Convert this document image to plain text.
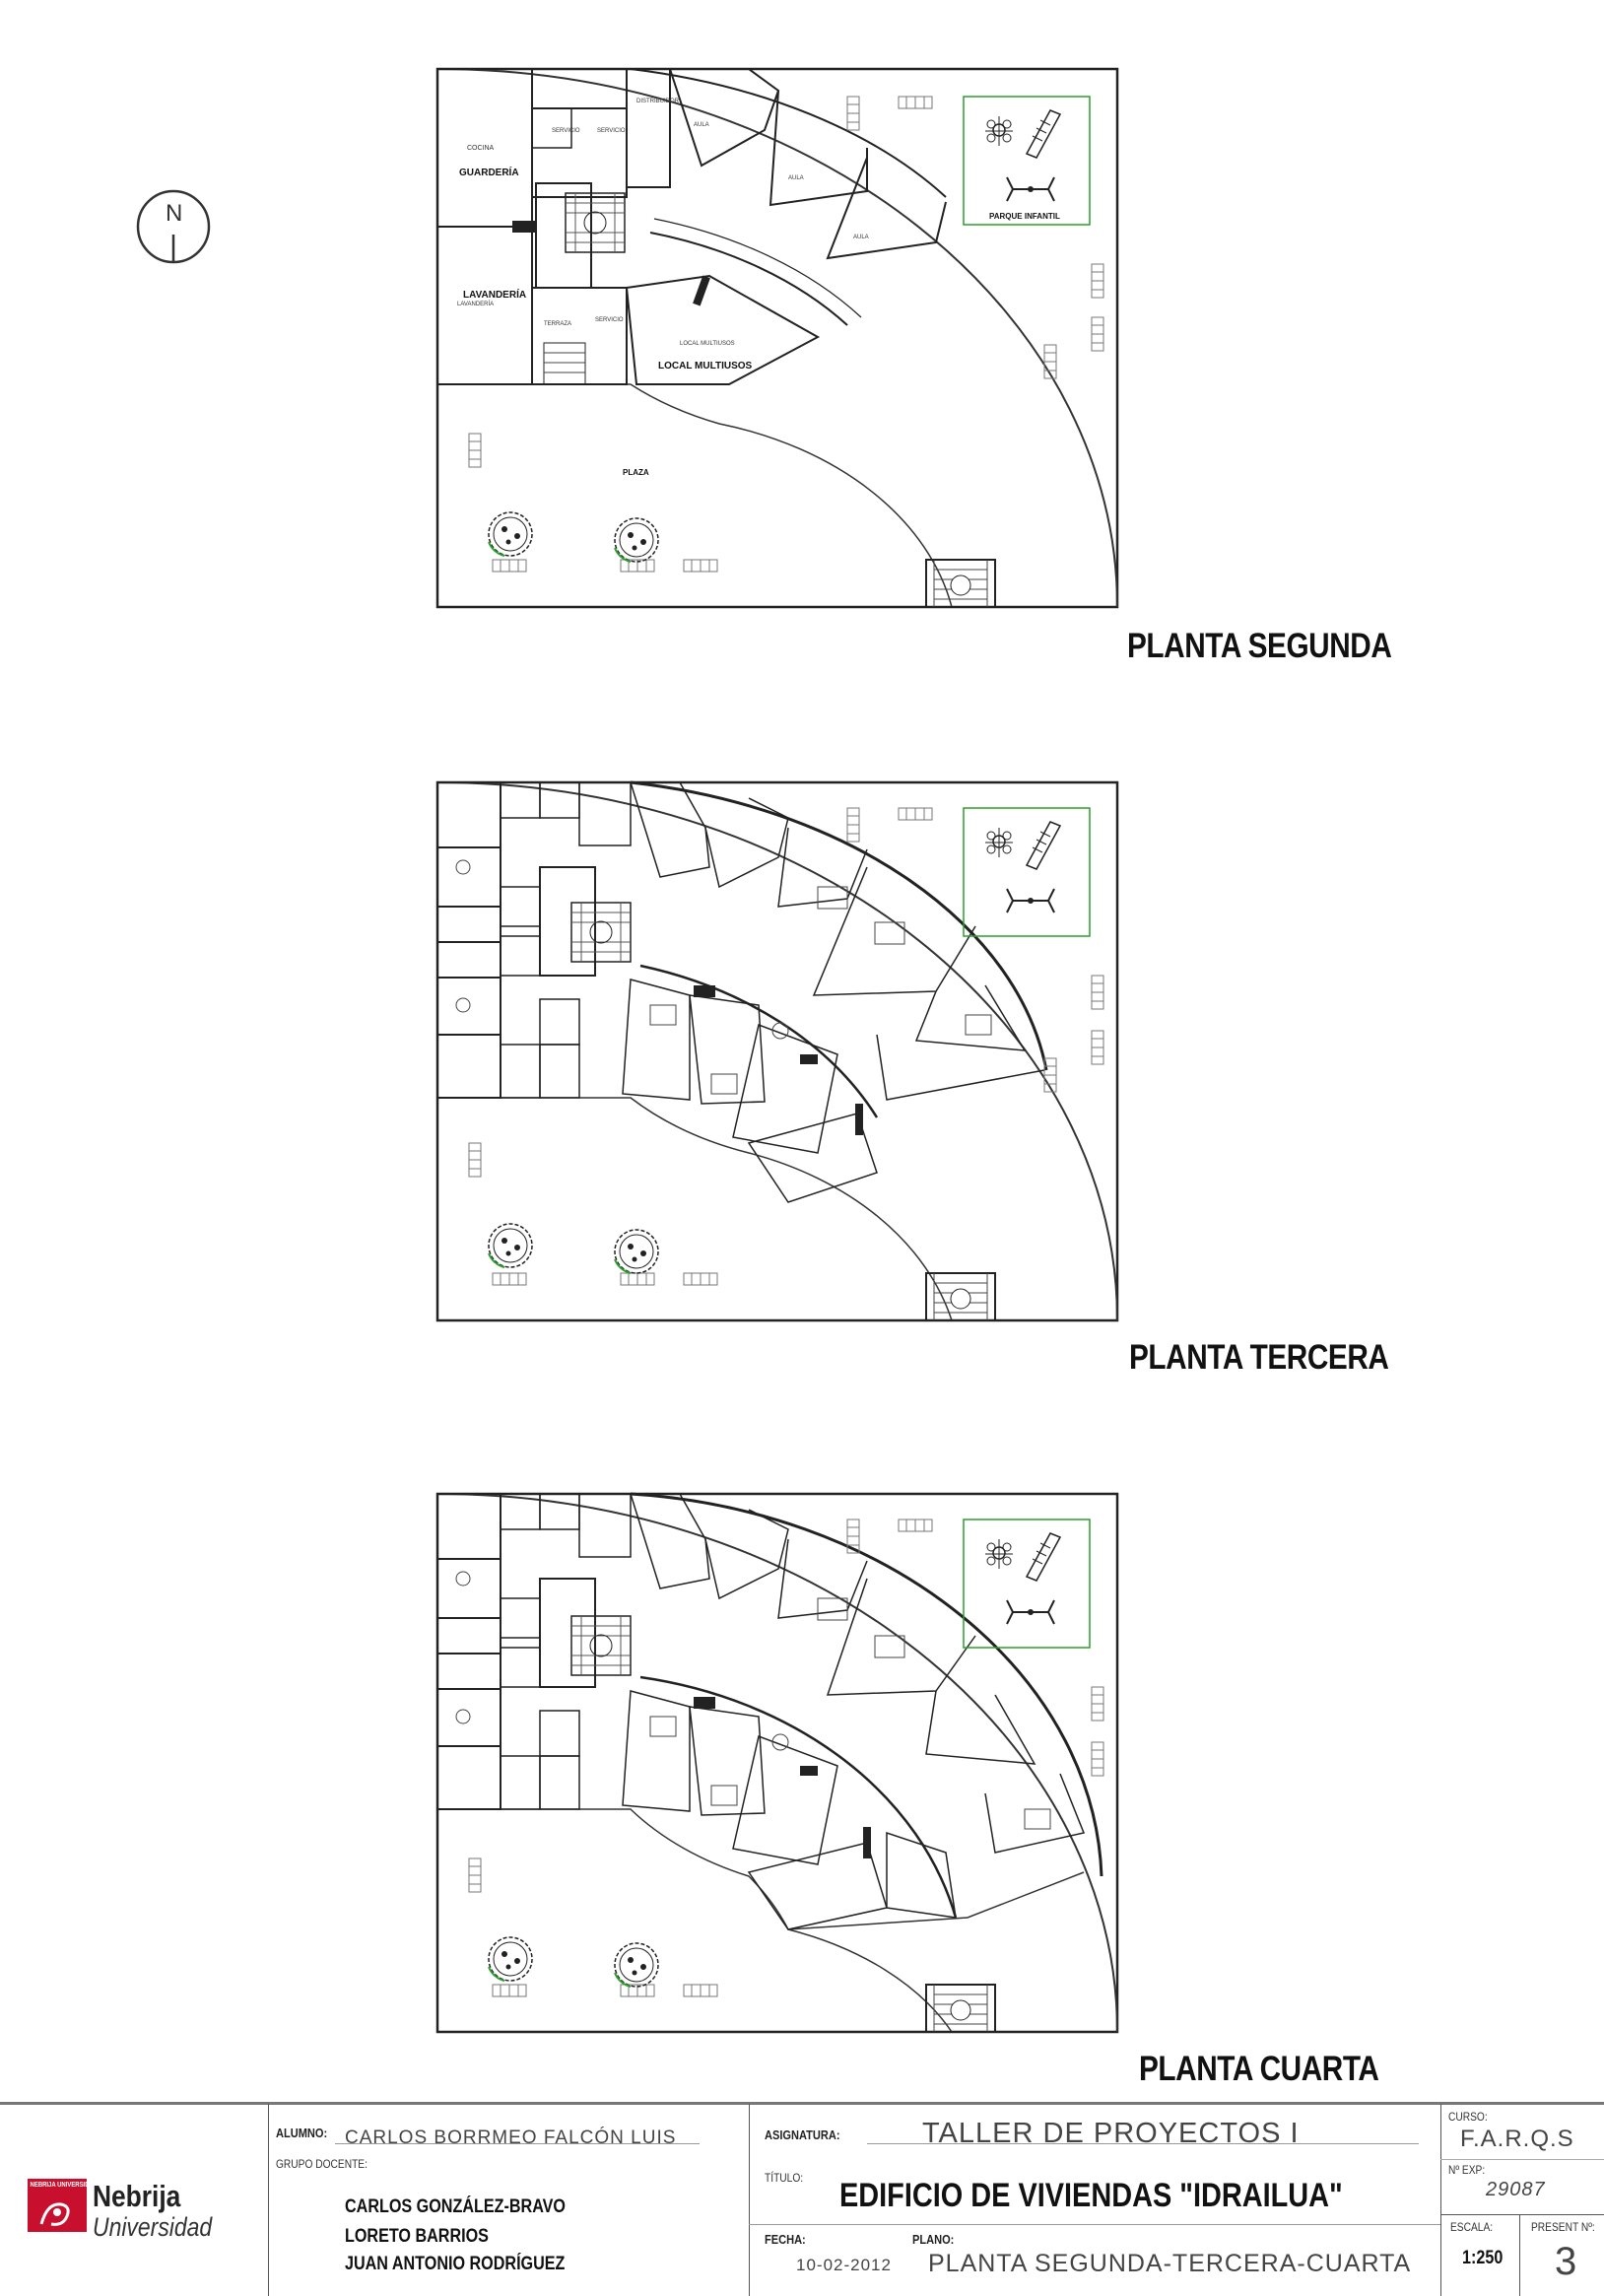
COCINA
SERVICIO	SERVICIO
DISTRIBUIDOR
AULA
AULA
AULA
LAVANDERÍA
TERRAZA
SERVICIO
LOCAL MULTIUSOS
GUARDERÍA
LAVANDERÍA
LOCAL MULTIUSOS
PARQUE INFANTIL
PLAZA
N
PLANTA SEGUNDA
PLANTA TERCERA
PLANTA CUARTA
NEBRIJA UNIVERSIDAD
Nebrija
Universidad
ALUMNO: CARLOS BORRMEO FALCÓN LUIS
GRUPO DOCENTE:
CARLOS GONZÁLEZ-BRAVO
LORETO BARRIOS
JUAN ANTONIO RODRÍGUEZ
ASIGNATURA:	TALLER DE PROYECTOS I
TÍTULO: EDIFICIO DE VIVIENDAS "IDRAILUA"
FECHA:
10-02-2012
PLANO:
PLANTA SEGUNDA-TERCERA-CUARTA
CURSO:
F.A.R.Q.S
Nº EXP:
29087
ESCALA:
1:250
PRESENT Nº:
3
